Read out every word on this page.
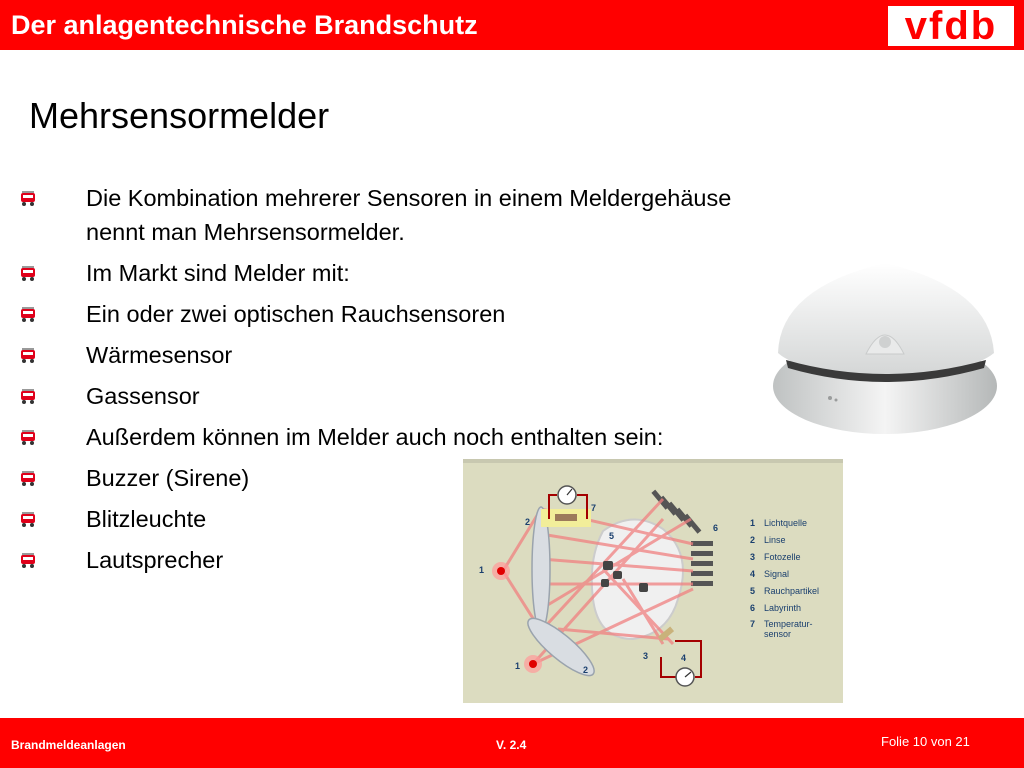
Der anlagentechnische Brandschutz	vfdb
Mehrsensormelder
Die Kombination mehrerer Sensoren in einem Meldergehäuse
nennt man Mehrsensormelder.
Im Markt sind Melder mit:
Ein oder zwei optischen Rauchsensoren
Wärmesensor
Gassensor
Außerdem können im Melder auch noch enthalten sein:
Buzzer (Sirene)
Blitzleuchte
Lautsprecher	1
2
7
5
6
1	2
3	4
1 Lichtquelle
2 Linse
3 Fotozelle
4 Signal
5 Rauchpartikel
6 Labyrinth
7 Temperatur-
sensor
Brandmeldeanlagen	V. 2.4	Folie 10 von 21
